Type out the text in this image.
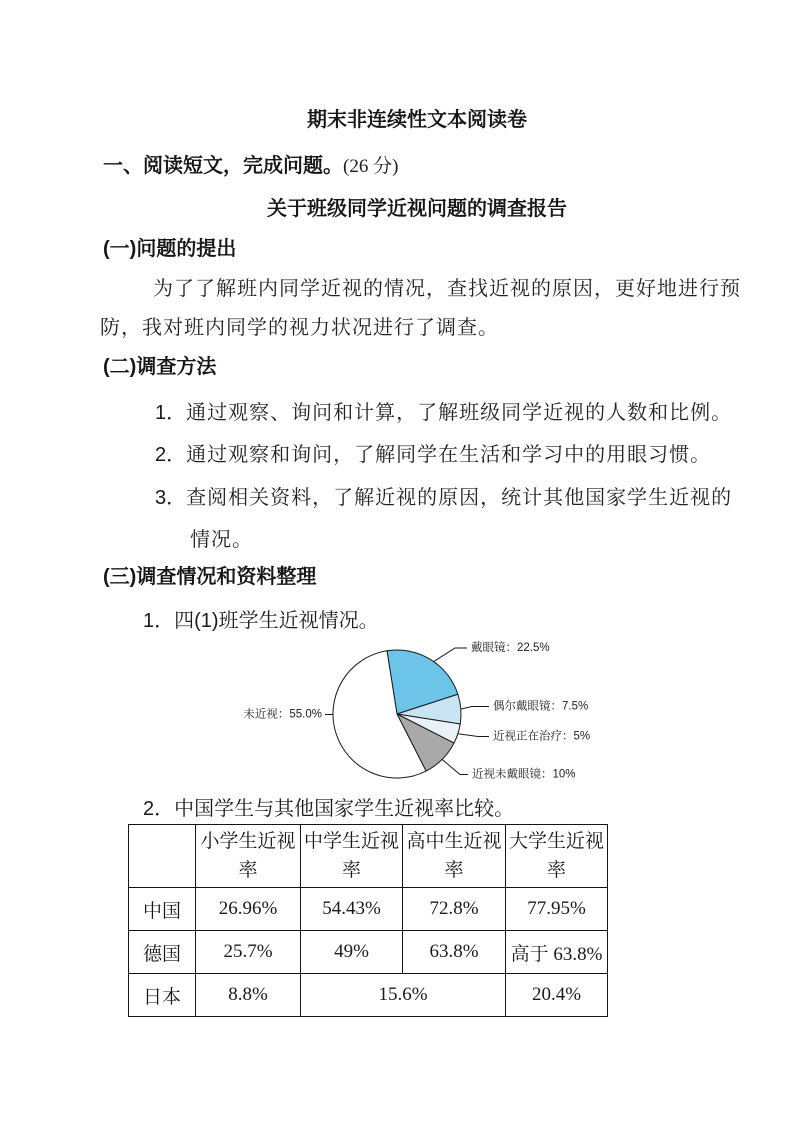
期末非连续性文本阅读卷
一、阅读短文，完成问题。(26 分)
关于班级同学近视问题的调查报告
(一)问题的提出
为了了解班内同学近视的情况，查找近视的原因，更好地进行预
防，我对班内同学的视力状况进行了调查。
(二)调查方法
1．通过观察、询问和计算，了解班级同学近视的人数和比例。
2．通过观察和询问，了解同学在生活和学习中的用眼习惯。
3．查阅相关资料，了解近视的原因，统计其他国家学生近视的
情况。
(三)调查情况和资料整理
1．四(1)班学生近视情况。
戴眼镜：22.5%
偶尔戴眼镜：7.5%
近视正在治疗：5%
近视未戴眼镜：10%
未近视：55.0%
2．中国学生与其他国家学生近视率比较。
	小学生近视率	中学生近视率	高中生近视率	大学生近视率
中国	26.96%	54.43%	72.8%	77.95%
德国	25.7%	49%	63.8%	高于 63.8%
日本	8.8%	15.6%		20.4%
